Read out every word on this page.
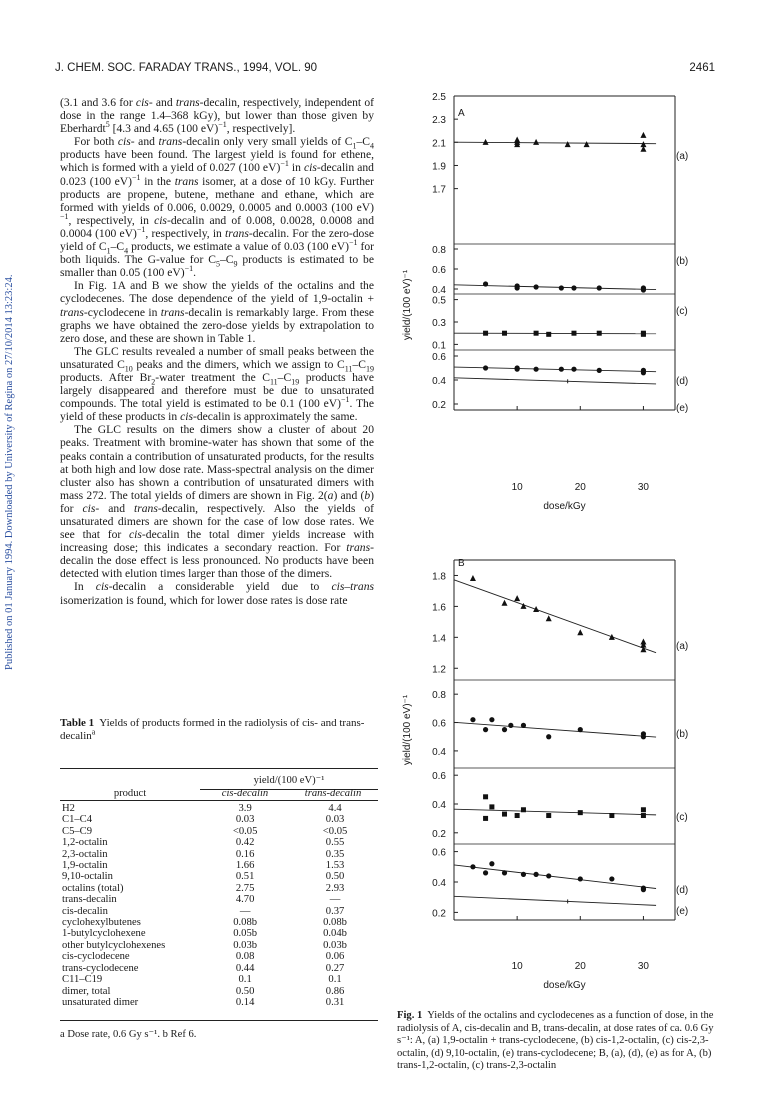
J. CHEM. SOC. FARADAY TRANS., 1994, VOL. 90	2461
Published on 01 January 1994. Downloaded by University of Regina on 27/10/2014 13:23:24.

(3.1 and 3.6 for cis- and trans-decalin, respectively, independent of dose in the range 1.4–368 kGy), but lower than those given by Eberhardt$^5$ [4.3 and 4.65 (100 eV)$^{-1}$, respectively].

For both cis- and trans-decalin only very small yields of $C_1-C_4$ products have been found. The largest yield is found for ethene, which is formed with a yield of 0.027 (100 eV)$^{-1}$ in cis-decalin and 0.023 (100 eV)$^{-1}$ in the trans isomer, at a dose of 10 kGy. Further products are propene, butene, methane and ethane, which are formed with yields of 0.006, 0.0029, 0.0005 and 0.0003 (100 eV)$^{-1}$, respectively, in cis-decalin and of 0.008, 0.0028, 0.0008 and 0.0004 (100 eV)$^{-1}$, respectively, in trans-decalin. For the zero-dose yield of $C_1-C_4$ products, we estimate a value of 0.03 (100 eV)$^{-1}$ for both liquids. The G-value for $C_5-C_9$ products is estimated to be smaller than 0.05 (100 eV)$^{-1}$.

In Fig. 1A and B we show the yields of the octalins and the cyclodecenes. The dose dependence of the yield of 1,9-octalin + trans-cyclodecene in trans-decalin is remarkably large. From these graphs we have obtained the zero-dose yields by extrapolation to zero dose, and these are shown in Table 1.

The GLC results revealed a number of small peaks between the unsaturated $C_{10}$ peaks and the dimers, which we assign to $C_{11}-C_{19}$ products. After $Br_2$-water treatment the $C_{11}-C_{19}$ products have largely disappeared and therefore must be due to unsaturated compounds. The total yield is estimated to be 0.1 (100 eV)$^{-1}$. The yield of these products in cis-decalin is approximately the same.

The GLC results on the dimers show a cluster of about 20 peaks. Treatment with bromine-water has shown that some of the peaks contain a contribution of unsaturated products, for the results at both high and low dose rate. Mass-spectral analysis on the dimer cluster also has shown a contribution of unsaturated dimers with mass 272. The total yields of dimers are shown in Fig. 2(a) and (b) for cis- and trans-decalin, respectively. Also the yields of unsaturated dimers are shown for the case of low dose rates. We see that for cis-decalin the total dimer yields increase with increasing dose; this indicates a secondary reaction. For trans-decalin the dose effect is less pronounced. No products have been detected with elution times larger than those of the dimers.

In cis-decalin a considerable yield due to cis–trans isomerization is found, which for lower dose rates is dose rate

Table 1 Yields of products formed in the radiolysis of cis- and trans-decalin$^a$
yield/(100 eV)⁻¹
product	cis-decalin	trans-decalin
H2	3.9	4.4
C1–C4	0.03	0.03
C5–C9	<0.05	<0.05
1,2-octalin	0.42	0.55
2,3-octalin	0.16	0.35
1,9-octalin	1.66	1.53
9,10-octalin	0.51	0.50
octalins (total)	2.75	2.93
trans-decalin	4.70	—
cis-decalin	—	0.37
cyclohexylbutenes	0.08b	0.08b
1-butylcyclohexene	0.05b	0.04b
other butylcyclohexenes	0.03b	0.03b
cis-cyclodecene	0.08	0.06
trans-cyclodecene	0.44	0.27
C11–C19	0.1	0.1
dimer, total	0.50	0.86
unsaturated dimer	0.14	0.31
a Dose rate, 0.6 Gy s⁻¹. b Ref 6.
A
10	20	30
dose/kGy
yield/(100 eV)⁻¹
1.7
1.9
2.1
2.3
2.5
(a)
0.4
0.6
0.8
(b)
0.1
0.3
0.5
(c)
0.2
0.4
0.6
(d)
(e)
B
10	20	30
dose/kGy
yield/(100 eV)⁻¹
1.2
1.4
1.6
1.8
(a)
0.4
0.6
0.8
(b)
0.2
0.4
0.6
(c)
0.2
0.4
0.6
(d)
(e)
Fig. 1 Yields of the octalins and cyclodecenes as a function of dose, in the radiolysis of A, cis-decalin and B, trans-decalin, at dose rates of ca. 0.6 Gy s⁻¹: A, (a) 1,9-octalin + trans-cyclodecene, (b) cis-1,2-octalin, (c) cis-2,3-octalin, (d) 9,10-octalin, (e) trans-cyclodecene; B, (a), (d), (e) as for A, (b) trans-1,2-octalin, (c) trans-2,3-octalin
